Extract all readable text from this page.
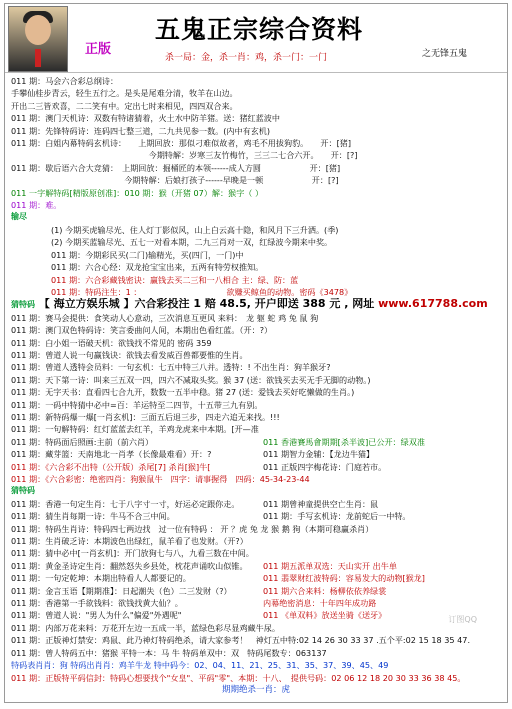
正版
五鬼正宗综合资料
杀一局：金，杀一肖：鸡，杀一门：一门	之无锋五鬼
011 期：马会六合彩总纲诗：
手攀仙桂步青云，轻生五行之。是头是尾难分清，牧羊在山边。
开出二三皆欢喜，二二笑有中。定出七时来相见，四四双合来。
011 期：澳门天机诗：双数有特诸猜着，火土水中防羊猪。送：猪红蓝波中
011 期：先锋特码诗：连码四七整三道，二九共见参一数。(内中有玄机)
011 期：白姐内幕特码玄机诗：　　上期回放：那似刁难似故者，鸡毛不用拔狗豹。　　开：[猪]
　　　　　　　　　　　　　　　　　今期特解：岁寒三友竹梅竹，三三二七合六开。　　开：[?]
011 期：歇后语六合大竞猜：　上期回放：掘桶匠的本领------成人方圆　　　　　　开：[猪]
　　　　　　　　　　　　　　今期特解：后娘打孩子------早晚是一顿　　　　　　开：[?]
011 一字解特码[精版原创准]：010 期：猴（开猪 07）解：猴字（ ）
011 期：难。
输尽
(1) 今期买虎输尽光、住人灯丁影似风，山上白云高十隐，和风月下三升洒。(季)
(2) 今期买蓝输尽光、五七一对看本期，二九三肖对一双，红绿波今期来中奖。
011 期：今期彩民买(二门)输精光，买(四门，一门)中
011 期：六合心经：双龙抢宝宝出来，五两有特劳权推知。
011 期：六合彩藏钱密诀：赢钱去买二三和一八相合 主：绿、防：蓝
011 期：特码注生：1 ：　　　　　　　　　　　欲赚买鲸鱼的动物。密码《3478》
猜特码 【 海立方娱乐城 】六合彩投注 1 赔 48.5, 开户即送 388 元 , 网址 www.617788.com
011 期：赛马会提供：食笑动人心意动，三次消息互更风 来料：　龙 躯 蛇 鸡 兔 鼠 狗
011 期：澳门双色特码诗：笑言委曲问人间，本期出色看红蓝。（开：?）
011 期：白小姐一语破天机：欲钱找不常见的 密码 359
011 期：曾道人说一句赢钱诀：欲钱去看发威百兽都要惟的生肖。
011 期：曾道人透特会员料：一句玄机：七五中特三八并。透特：! 不出生肖：狗羊猴牙?
011 期：天下第一诗：叫来三五双一四，四六不减取头奖。猴 37 (送：欲钱买去买无手无脚的动物。)
011 期：无字天书：直看四七合九开，数数一五半中稳。猪 27 (送：爱钱去买好吃懒做的生肖。)
011 期：一码中特猜中必中=百：羊运特至二四节，十五带三九有别。
011 期：新特码爆一爆[一肖玄机]：三面五后退三步，四走六追无来找。!!!
011 期：一句解特码：红灯蓝蓝去红羊，羊鸡龙虎来中本期。[开—准
011 期：特码面后照画:主前（前六肖）	011 香港賽馬會期期[杀半波]已公开：绿双准
011 期：藏芽篮：天南地北一肖孝（长像最难看）开：?	011 期智力金辅：【龙边牛猫】
011 期：《六合彩不出特（公开版）杀尾[7] 杀肖[猴]牛[	011 正版四字梅花诗：门庭若市。
011 期：《六合彩密：绝密四肖：狗猴鼠牛　四字：请事握得　四码：45-34-23-44
猜特码
011 期：香港一句定生肖：七于八字寸一寸，好运必定跟你走。	011 期曾神童提供空亡生肖：鼠
011 期：猜生肖每期一诗：牛马不合三中间。	011 期：手写玄机诗：龙前蛇后一中特。
011 期：特码生肖诗：特码四七两边找　过一位有特码 ： 开 ？虎 兔 龙 猴 鹅 狗（本期可稳赢杀肖）
011 期：生肖破乏诗：本期波色出绿红，鼠羊看了也发财。（开?）
011 期：猜中必中[一肖玄机]：开门放狗七与八，九看三数在中间。
011 期：黄金圣诗定生肖：翻然怒失乡县处，枕花声诵吹山似锥。	011 期五派单双选：天山实开 出牛单
011 期：一句定乾坤：本期出特看人人都要记的。	011 翡翠财红波特码：容易发大的动物[猴龙]
011 期：金言玉语【期期准】：日起潮失（色）二三发财（?）	011 期六合来料：杨柳依依养绿裳
011 期：香港第一手欲钱料：欲钱找黄大仙？。	内幕绝密消息：十年四年成功路
011 期：曾道人说："男人为什么"偏爱"外遇呢"	011 《单双料》放送坐骑《送牙》
011 期：内部万花来料：万花开左边一五成一半，蓝绿色彩尽显鸡藏牛尿。
011 期：正版神灯禁安：鸡鼠、此乃神灯特码绝杀，请大家参考！　神灯五中特:02 14 26 30 33 37 .五个平:02 15 18 35 47.
011 期：曾人特码五中：猪猴 平特一本：马 牛 特码单双中：双　特码尾数专：063137
特码表肖肖：狗 特码出肖肖：鸡羊牛龙 特中码今：02、04、11、21、25、31、35、37、39、45、49
011 期：正版特平码信封：特码心想要找个"女皇"、平码"零"、本期：十八、　提供号码：02 06 12 18 20 30 33 36 38 45。
期期绝杀一肖：虎
订图QQ
